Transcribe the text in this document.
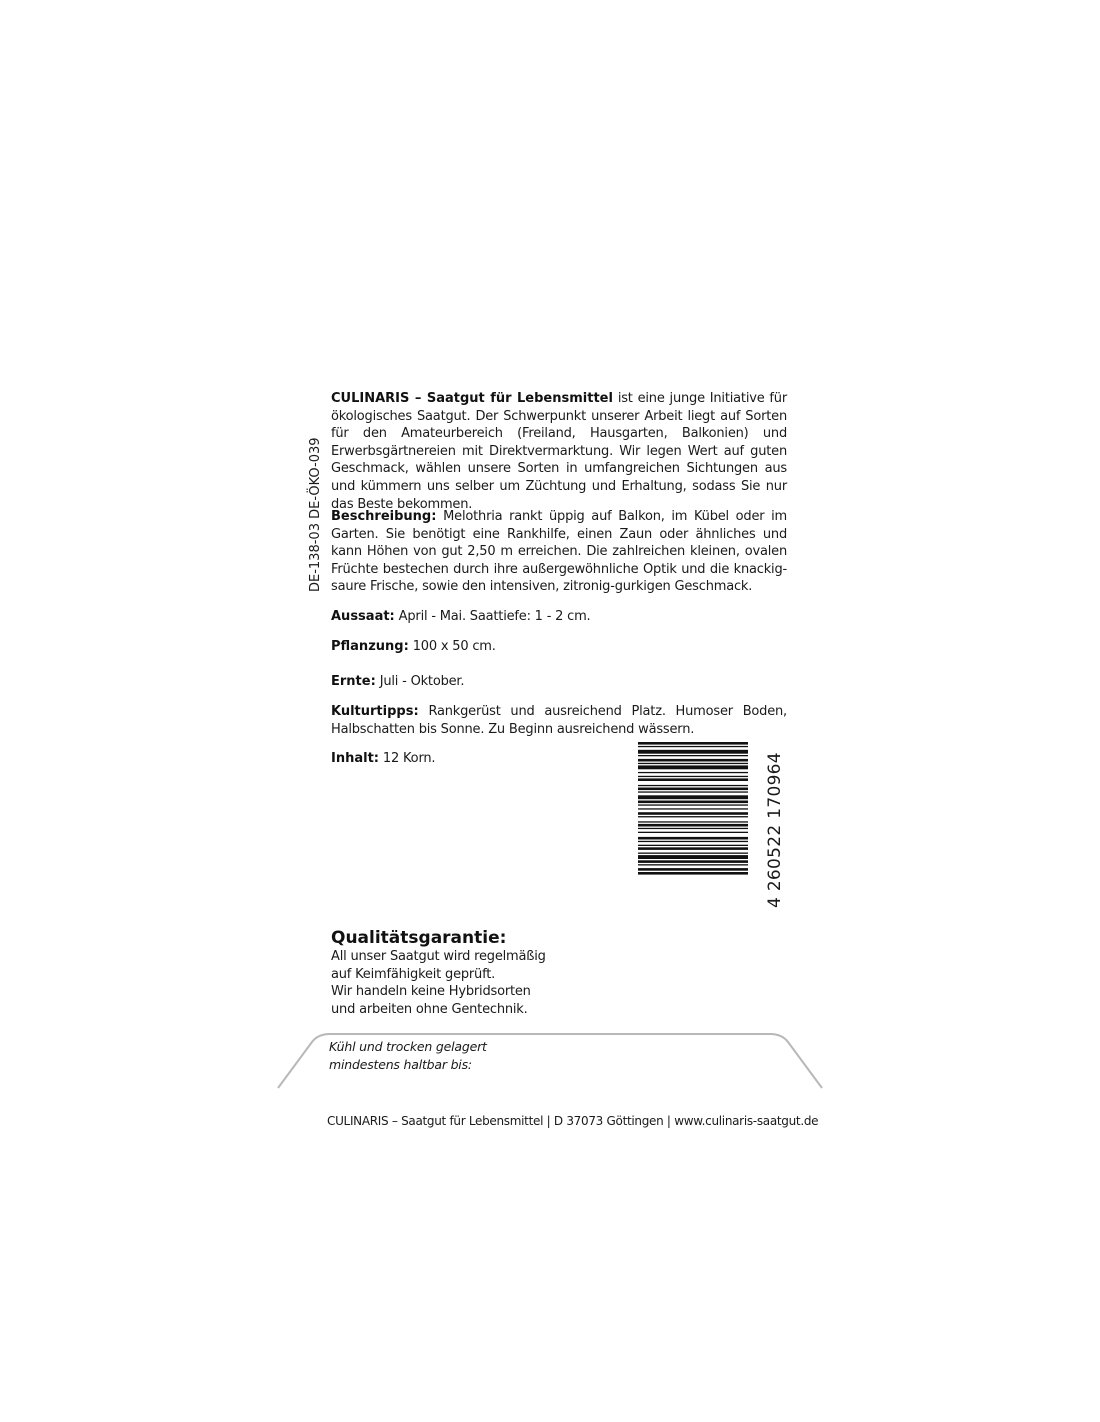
DE-138-03 DE-ÖKO-039

CULINARIS – Saatgut für Lebensmittel ist eine junge Initiative für ökologisches Saatgut. Der Schwerpunkt unserer Arbeit liegt auf Sorten für den Amateurbereich (Freiland, Hausgarten, Balkonien) und Erwerbsgärtnereien mit Direktvermarktung. Wir legen Wert auf guten Geschmack, wählen unsere Sorten in umfangreichen Sichtungen aus und kümmern uns selber um Züchtung und Erhaltung, sodass Sie nur das Beste bekommen.

Beschreibung: Melothria rankt üppig auf Balkon, im Kübel oder im Garten. Sie benötigt eine Rankhilfe, einen Zaun oder ähnliches und kann Höhen von gut 2,50 m erreichen. Die zahlreichen kleinen, ovalen Früchte bestechen durch ihre außergewöhnliche Optik und die knackig-saure Frische, sowie den intensiven, zitronig-gurkigen Geschmack.

Aussaat: April - Mai. Saattiefe: 1 - 2 cm.

Pflanzung: 100 x 50 cm.

Ernte: Juli - Oktober.

Kulturtipps: Rankgerüst und ausreichend Platz. Humoser Boden, Halbschatten bis Sonne. Zu Beginn ausreichend wässern.

Inhalt: 12 Korn.	4 260522 170964
Qualitätsgarantie:
All unser Saatgut wird regelmäßig
auf Keimfähigkeit geprüft.
Wir handeln keine Hybridsorten
und arbeiten ohne Gentechnik.
Kühl und trocken gelagert
mindestens haltbar bis:
CULINARIS – Saatgut für Lebensmittel | D 37073 Göttingen | www.culinaris-saatgut.de
